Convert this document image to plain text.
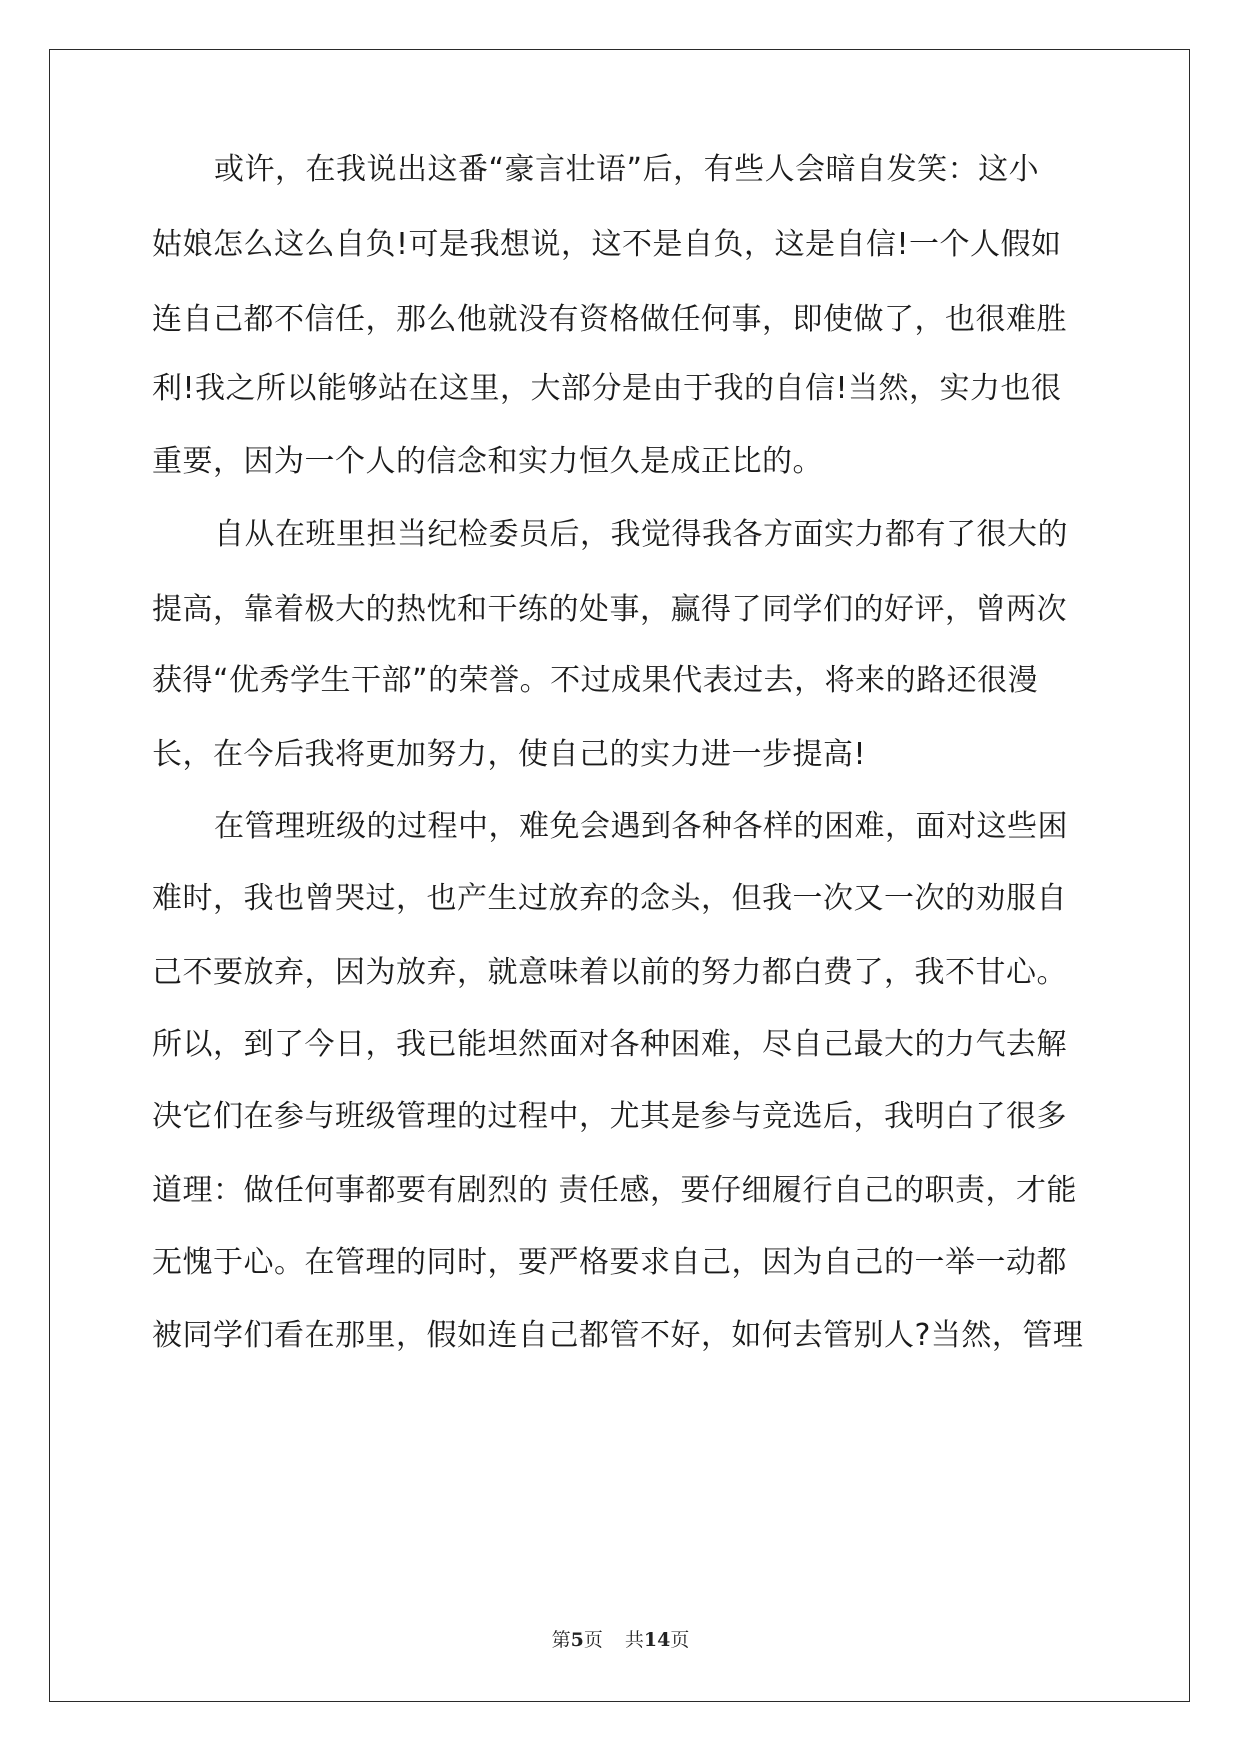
或许，在我说出这番“豪言壮语”后，有些人会暗自发笑：这小
姑娘怎么这么自负!可是我想说，这不是自负，这是自信!一个人假如
连自己都不信任，那么他就没有资格做任何事，即使做了，也很难胜
利!我之所以能够站在这里，大部分是由于我的自信!当然，实力也很
重要，因为一个人的信念和实力恒久是成正比的。
自从在班里担当纪检委员后，我觉得我各方面实力都有了很大的
提高，靠着极大的热忱和干练的处事，赢得了同学们的好评，曾两次
获得“优秀学生干部”的荣誉。不过成果代表过去，将来的路还很漫
长，在今后我将更加努力，使自己的实力进一步提高!
在管理班级的过程中，难免会遇到各种各样的困难，面对这些困
难时，我也曾哭过，也产生过放弃的念头，但我一次又一次的劝服自
己不要放弃，因为放弃，就意味着以前的努力都白费了，我不甘心。
所以，到了今日，我已能坦然面对各种困难，尽自己最大的力气去解
决它们在参与班级管理的过程中，尤其是参与竞选后，我明白了很多
道理：做任何事都要有剧烈的 责任感，要仔细履行自己的职责，才能
无愧于心。在管理的同时，要严格要求自己，因为自己的一举一动都
被同学们看在那里，假如连自己都管不好，如何去管别人?当然，管理
第5页 共14页
